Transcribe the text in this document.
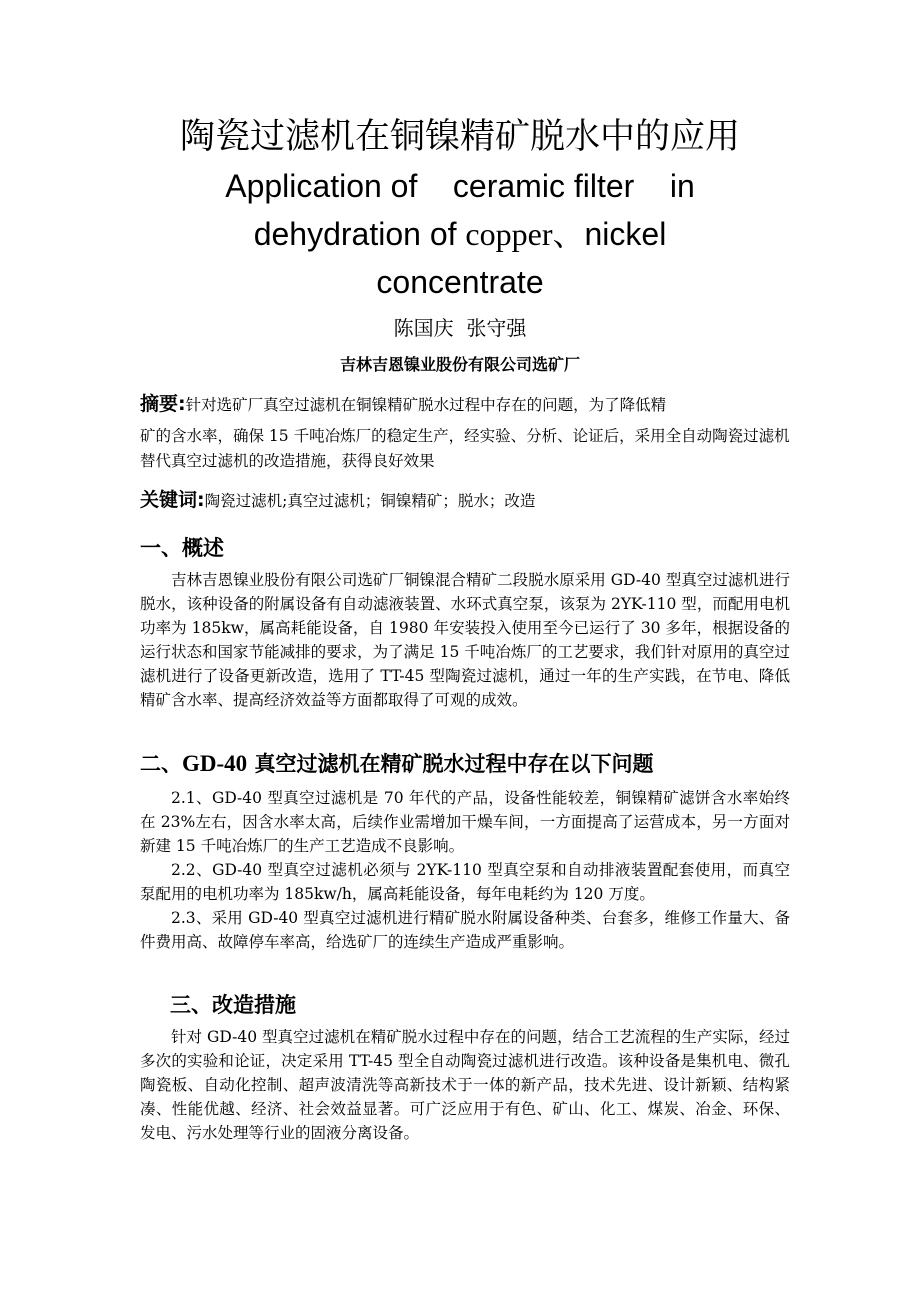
陶瓷过滤机在铜镍精矿脱水中的应用
Application of    ceramic filter    in
dehydration of copper、nickel
concentrate
陈国庆  张守强
吉林吉恩镍业股份有限公司选矿厂
摘要:针对选矿厂真空过滤机在铜镍精矿脱水过程中存在的问题，为了降低精
矿的含水率，确保 15 千吨冶炼厂的稳定生产，经实验、分析、论证后，采用全自动陶瓷过滤机替代真空过滤机的改造措施，获得良好效果
关键词:陶瓷过滤机;真空过滤机；铜镍精矿；脱水；改造
一、概述

吉林吉恩镍业股份有限公司选矿厂铜镍混合精矿二段脱水原采用 GD-40 型真空过滤机进行脱水，该种设备的附属设备有自动滤液装置、水环式真空泵，该泵为 2YK-110 型，而配用电机功率为 185kw，属高耗能设备，自 1980 年安装投入使用至今已运行了 30 多年，根据设备的运行状态和国家节能减排的要求，为了满足 15 千吨冶炼厂的工艺要求，我们针对原用的真空过滤机进行了设备更新改造，选用了 TT-45 型陶瓷过滤机，通过一年的生产实践，在节电、降低精矿含水率、提高经济效益等方面都取得了可观的成效。

二、GD-40 真空过滤机在精矿脱水过程中存在以下问题

2.1、GD-40 型真空过滤机是 70 年代的产品，设备性能较差，铜镍精矿滤饼含水率始终在 23%左右，因含水率太高，后续作业需增加干燥车间，一方面提高了运营成本，另一方面对新建 15 千吨冶炼厂的生产工艺造成不良影响。

2.2、GD-40 型真空过滤机必须与 2YK-110 型真空泵和自动排液装置配套使用，而真空泵配用的电机功率为 185kw/h，属高耗能设备，每年电耗约为 120 万度。

2.3、采用 GD-40 型真空过滤机进行精矿脱水附属设备种类、台套多，维修工作量大、备件费用高、故障停车率高，给选矿厂的连续生产造成严重影响。

三、改造措施

针对 GD-40 型真空过滤机在精矿脱水过程中存在的问题，结合工艺流程的生产实际，经过多次的实验和论证，决定采用 TT-45 型全自动陶瓷过滤机进行改造。该种设备是集机电、微孔陶瓷板、自动化控制、超声波清洗等高新技术于一体的新产品，技术先进、设计新颖、结构紧凑、性能优越、经济、社会效益显著。可广泛应用于有色、矿山、化工、煤炭、冶金、环保、发电、污水处理等行业的固液分离设备。
